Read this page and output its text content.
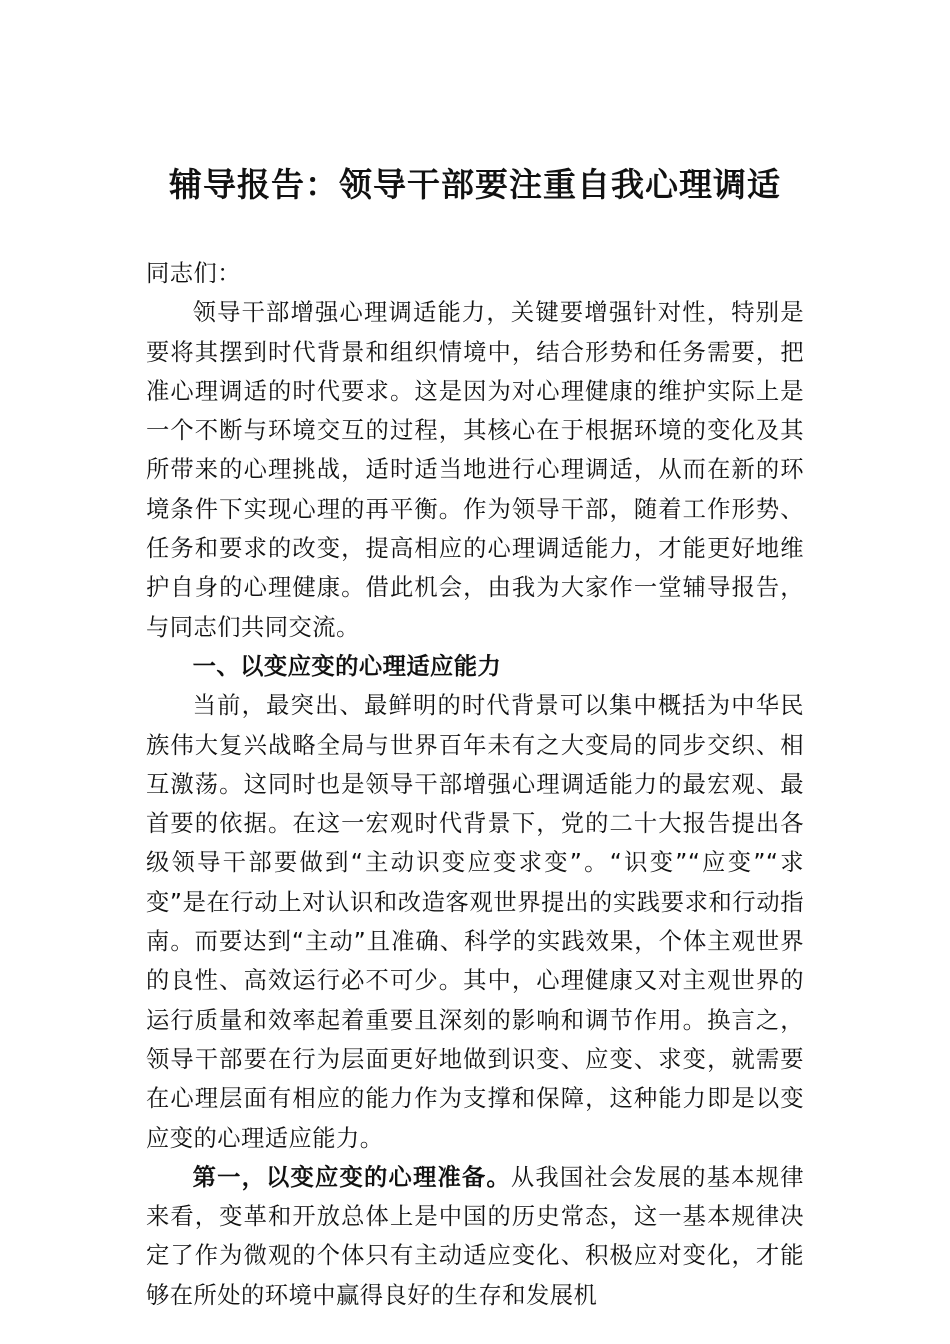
辅导报告：领导干部要注重自我心理调适

同志们：

领导干部增强心理调适能力，关键要增强针对性，特别是要将其摆到时代背景和组织情境中，结合形势和任务需要，把准心理调适的时代要求。这是因为对心理健康的维护实际上是一个不断与环境交互的过程，其核心在于根据环境的变化及其所带来的心理挑战，适时适当地进行心理调适，从而在新的环境条件下实现心理的再平衡。作为领导干部，随着工作形势、任务和要求的改变，提高相应的心理调适能力，才能更好地维护自身的心理健康。借此机会，由我为大家作一堂辅导报告，与同志们共同交流。

一、以变应变的心理适应能力

当前，最突出、最鲜明的时代背景可以集中概括为中华民族伟大复兴战略全局与世界百年未有之大变局的同步交织、相互激荡。这同时也是领导干部增强心理调适能力的最宏观、最首要的依据。在这一宏观时代背景下，党的二十大报告提出各级领导干部要做到“主动识变应变求变”。“识变”“应变”“求变”是在行动上对认识和改造客观世界提出的实践要求和行动指南。而要达到“主动”且准确、科学的实践效果，个体主观世界的良性、高效运行必不可少。其中，心理健康又对主观世界的运行质量和效率起着重要且深刻的影响和调节作用。换言之，领导干部要在行为层面更好地做到识变、应变、求变，就需要在心理层面有相应的能力作为支撑和保障，这种能力即是以变应变的心理适应能力。

第一，以变应变的心理准备。从我国社会发展的基本规律来看，变革和开放总体上是中国的历史常态，这一基本规律决定了作为微观的个体只有主动适应变化、积极应对变化，才能够在所处的环境中赢得良好的生存和发展机
